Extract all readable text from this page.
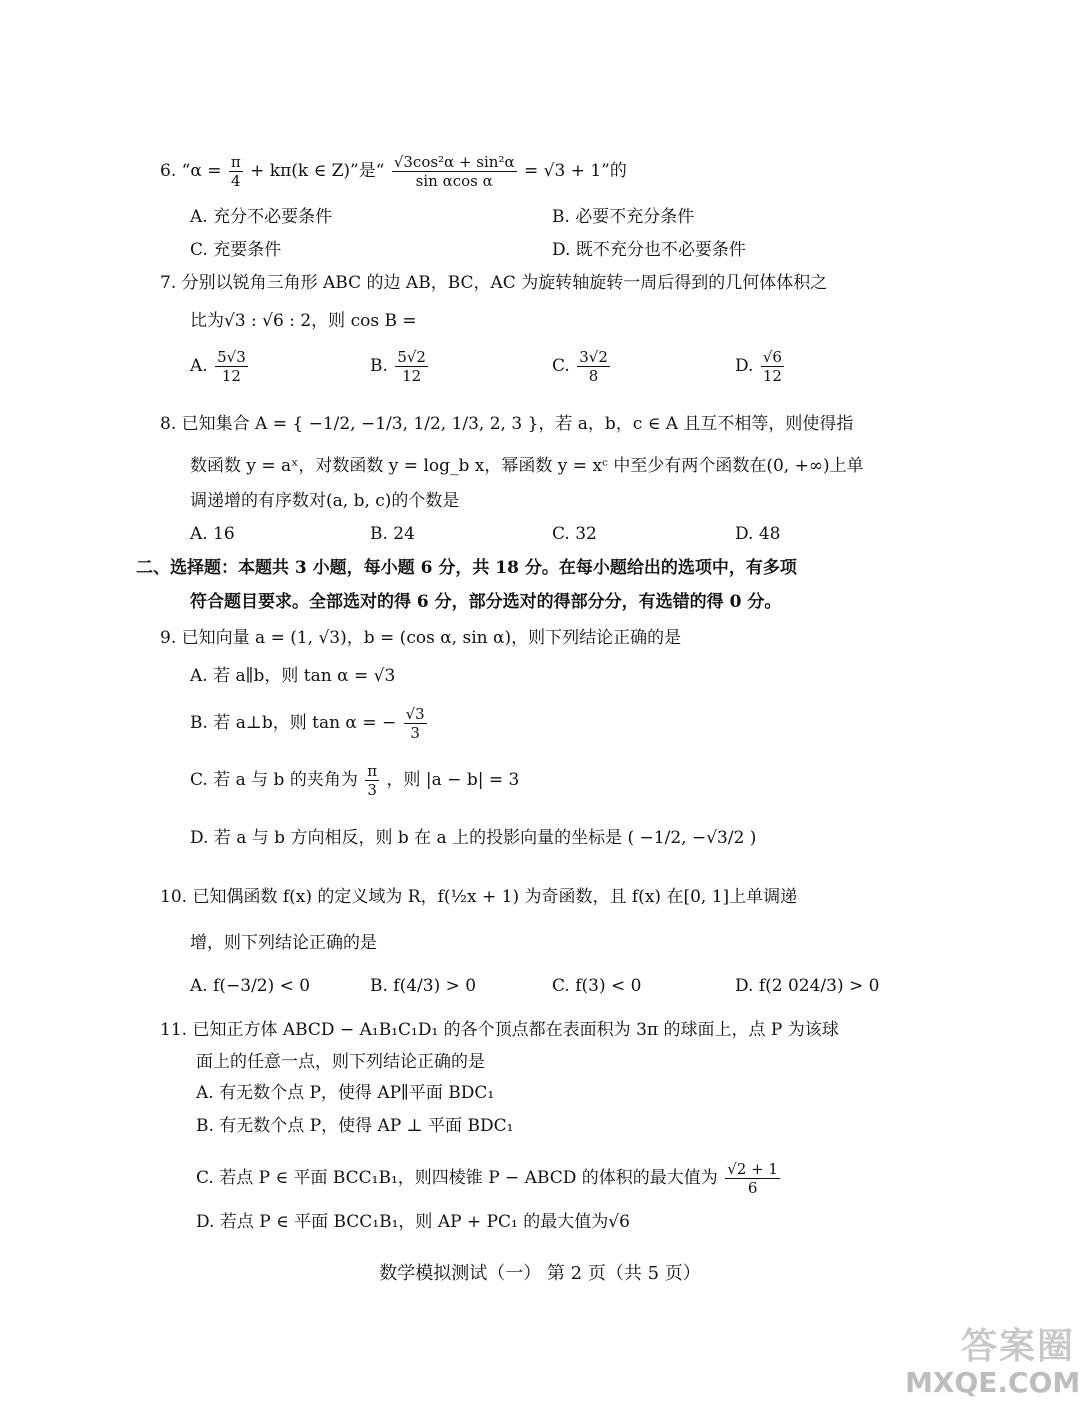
6. “$\alpha = \frac{\pi}{4} + k\pi(k$ ∈ Z)”是“ $\frac{\text{√3cos²α + sin²α}}{\text{sin αcos α}} = √3 + 1$”的
A. 充分不必要条件	B. 必要不充分条件
C. 充要条件	D. 既不充分也不必要条件
7. 分别以锐角三角形 ABC 的边 AB，BC，AC 为旋转轴旋转一周后得到的几何体体积之
比为√3 : √6 : 2，则 cos B =
A. $\frac{5√3}{12}$	B. $\frac{5√2}{12}$	C. $\frac{3√2}{8}$	D. $\frac{√6}{12}$
8. 已知集合 A = { −1/2, −1/3, 1/2, 1/3, 2, 3 }，若 a，b，c ∈ A 且互不相等，则使得指
数函数 y = aˣ，对数函数 y = log_b x，幂函数 y = xᶜ 中至少有两个函数在(0, +∞)上单
调递增的有序数对(a, b, c)的个数是
A. 16	B. 24	C. 32	D. 48
二、选择题：本题共 3 小题，每小题 6 分，共 18 分。在每小题给出的选项中，有多项
符合题目要求。全部选对的得 6 分，部分选对的得部分分，有选错的得 0 分。
9. 已知向量 a = (1, √3)，b = (cos α, sin α)，则下列结论正确的是
A. 若 a∥b，则 tan α = √3
B. 若 a⊥b，则 tan α = − $\frac{√3}{3}$
C. 若 a 与 b 的夹角为 $\frac{\pi}{3}$ ，则 |a − b| = 3
D. 若 a 与 b 方向相反，则 b 在 a 上的投影向量的坐标是 ( −1/2, −√3/2 )
10. 已知偶函数 f(x) 的定义域为 R，f(½x + 1) 为奇函数，且 f(x) 在[0, 1]上单调递
增，则下列结论正确的是
A. f(−3/2) < 0	B. f(4/3) > 0	C. f(3) < 0	D. f(2 024/3) > 0
11. 已知正方体 ABCD − A₁B₁C₁D₁ 的各个顶点都在表面积为 3π 的球面上，点 P 为该球
面上的任意一点，则下列结论正确的是
A. 有无数个点 P，使得 AP∥平面 BDC₁
B. 有无数个点 P，使得 AP ⊥ 平面 BDC₁
C. 若点 P ∈ 平面 BCC₁B₁，则四棱锥 P − ABCD 的体积的最大值为 $\frac{√2 + 1}{6}$
D. 若点 P ∈ 平面 BCC₁B₁，则 AP + PC₁ 的最大值为√6
数学模拟测试（一） 第 2 页（共 5 页）
答案圈
MXQE.COM
